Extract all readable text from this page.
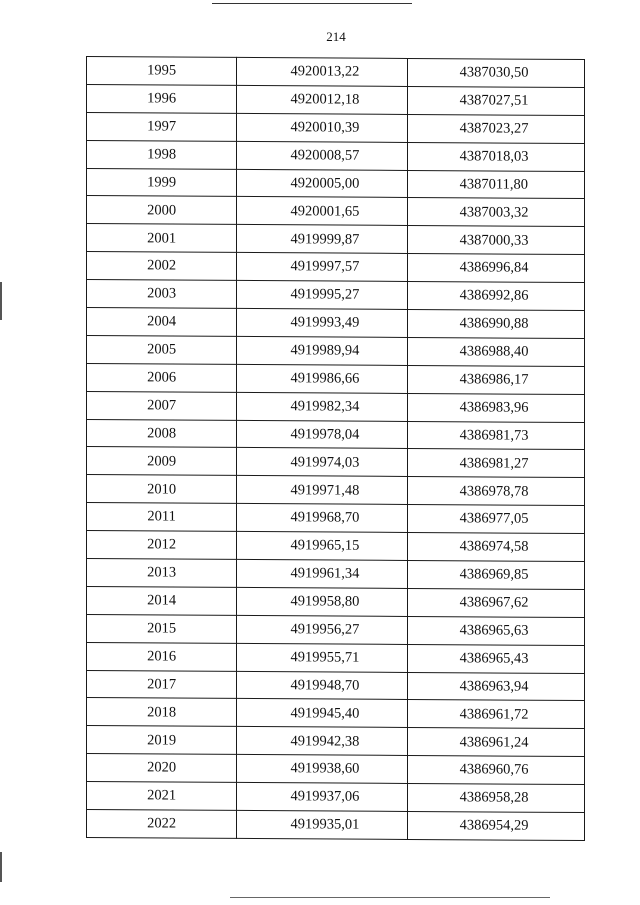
214
1995	4920013,22	4387030,50
1996	4920012,18	4387027,51
1997	4920010,39	4387023,27
1998	4920008,57	4387018,03
1999	4920005,00	4387011,80
2000	4920001,65	4387003,32
2001	4919999,87	4387000,33
2002	4919997,57	4386996,84
2003	4919995,27	4386992,86
2004	4919993,49	4386990,88
2005	4919989,94	4386988,40
2006	4919986,66	4386986,17
2007	4919982,34	4386983,96
2008	4919978,04	4386981,73
2009	4919974,03	4386981,27
2010	4919971,48	4386978,78
2011	4919968,70	4386977,05
2012	4919965,15	4386974,58
2013	4919961,34	4386969,85
2014	4919958,80	4386967,62
2015	4919956,27	4386965,63
2016	4919955,71	4386965,43
2017	4919948,70	4386963,94
2018	4919945,40	4386961,72
2019	4919942,38	4386961,24
2020	4919938,60	4386960,76
2021	4919937,06	4386958,28
2022	4919935,01	4386954,29
